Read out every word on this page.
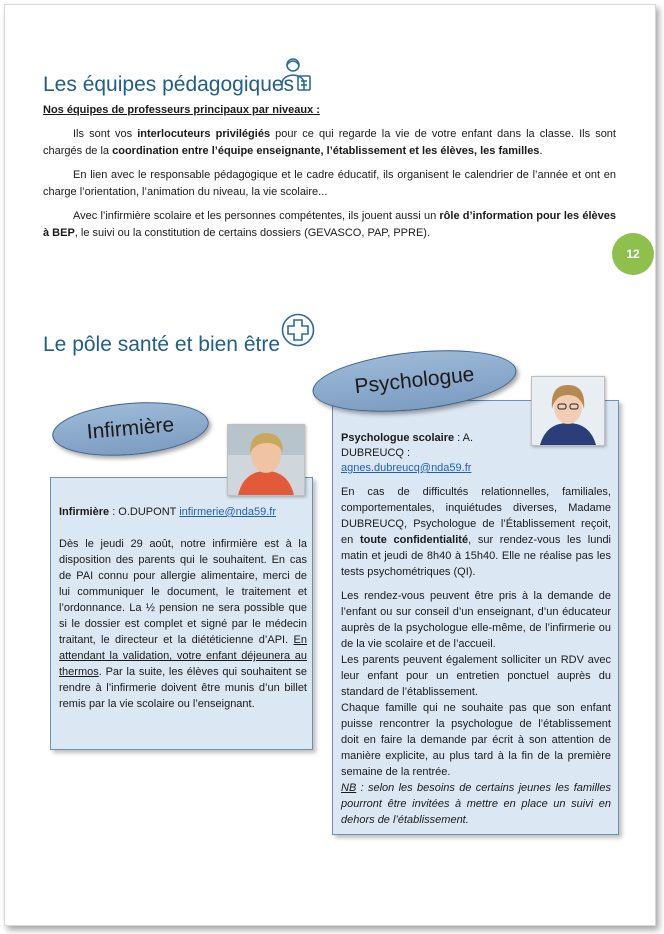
Les équipes pédagogiques
Nos équipes de professeurs principaux par niveaux :
Ils sont vos interlocuteurs privilégiés pour ce qui regarde la vie de votre enfant dans la classe. Ils sont chargés de la coordination entre l’équipe enseignante, l’établissement et les élèves, les familles.
En lien avec le responsable pédagogique et le cadre éducatif, ils organisent le calendrier de l’année et ont en charge l’orientation, l’animation du niveau, la vie scolaire...
Avec l’infirmière scolaire et les personnes compétentes, ils jouent aussi un rôle d’information pour les élèves à BEP, le suivi ou la constitution de certains dossiers (GEVASCO, PAP, PPRE).
12
Le pôle santé et bien être
Infirmière : O.DUPONT infirmerie@nda59.fr

Dès le jeudi 29 août, notre infirmière est à la disposition des parents qui le souhaitent. En cas de PAI connu pour allergie alimentaire, merci de lui communiquer le document, le traitement et l’ordonnance. La ½ pension ne sera possible que si le dossier est complet et signé par le médecin traitant, le directeur et la diététicienne d’API. En attendant la validation, votre enfant déjeunera au thermos. Par la suite, les élèves qui souhaitent se rendre à l’infirmerie doivent être munis d’un billet remis par la vie scolaire ou l’enseignant.

Infirmière	Psychologue scolaire : A. DUBREUCQ :
agnes.dubreucq@nda59.fr

En cas de difficultés relationnelles, familiales, comportementales, inquiétudes diverses, Madame DUBREUCQ, Psychologue de l’Établissement reçoit, en toute confidentialité, sur rendez-vous les lundi matin et jeudi de 8h40 à 15h40. Elle ne réalise pas les tests psychométriques (QI).

Les rendez-vous peuvent être pris à la demande de l’enfant ou sur conseil d’un enseignant, d’un éducateur auprès de la psychologue elle-même, de l’infirmerie ou de la vie scolaire et de l’accueil.

Les parents peuvent également solliciter un RDV avec leur enfant pour un entretien ponctuel auprès du standard de l’établissement.

Chaque famille qui ne souhaite pas que son enfant puisse rencontrer la psychologue de l’établissement doit en faire la demande par écrit à son attention de manière explicite, au plus tard à la fin de la première semaine de la rentrée.

NB : selon les besoins de certains jeunes les familles pourront être invitées à mettre en place un suivi en dehors de l’établissement.

Psychologue
